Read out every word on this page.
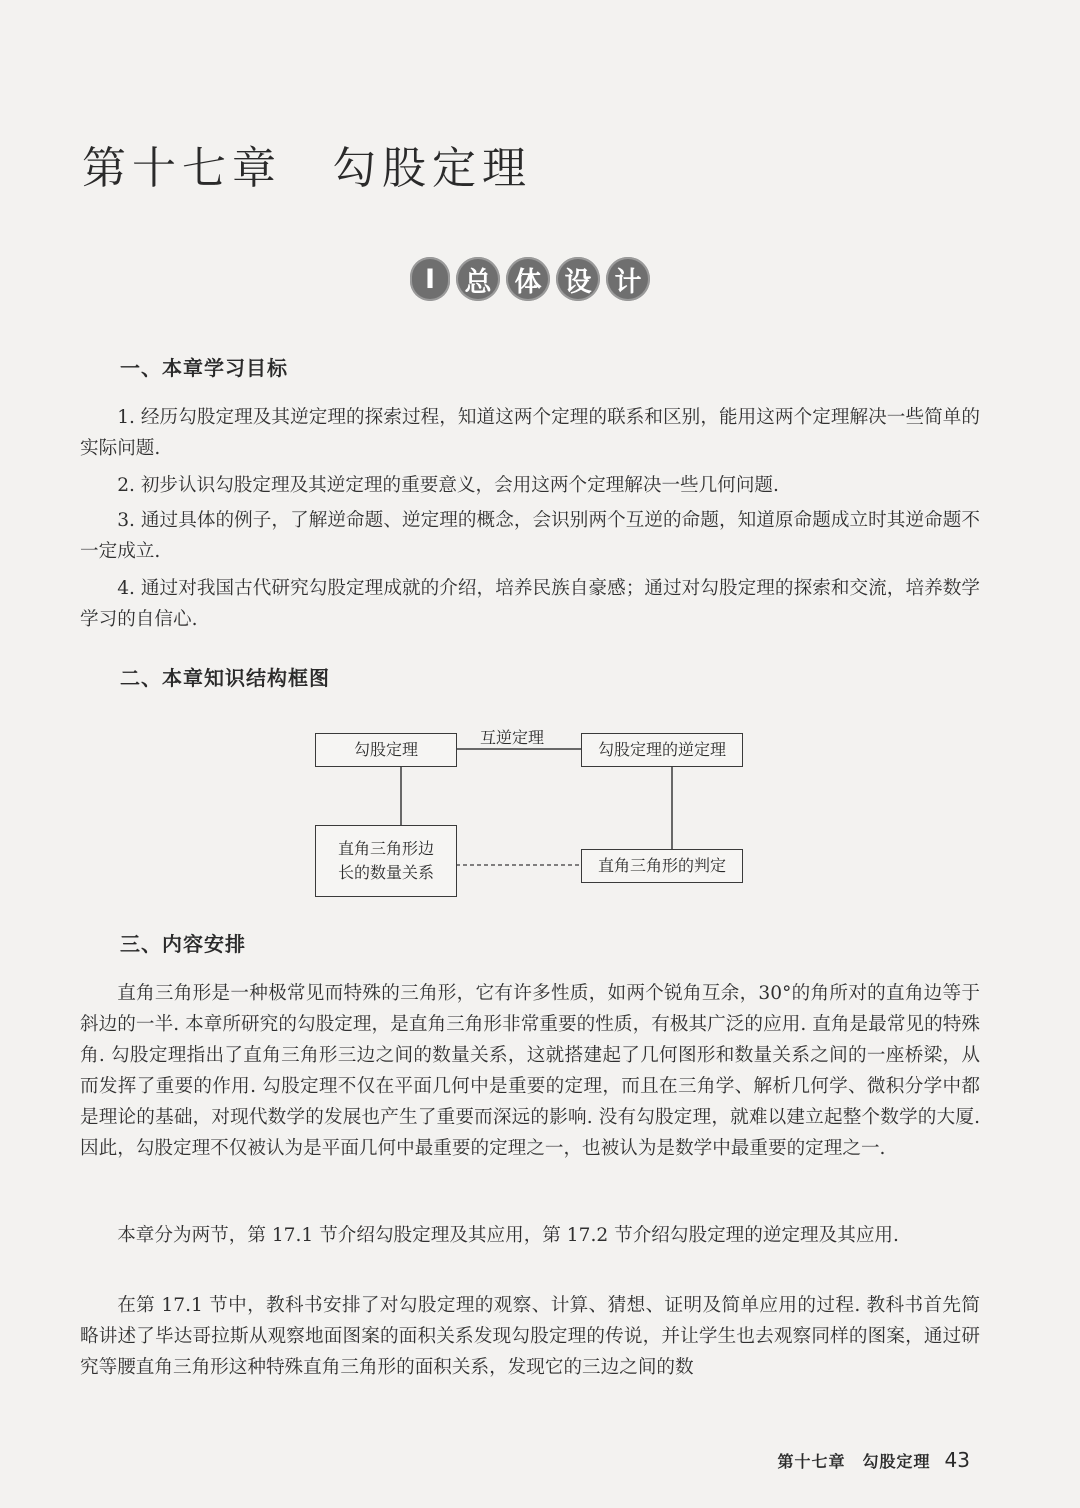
第十七章　勾股定理
I	总 体 设 计
一、本章学习目标
1. 经历勾股定理及其逆定理的探索过程，知道这两个定理的联系和区别，能用这两个定理解决一些简单的实际问题.
2. 初步认识勾股定理及其逆定理的重要意义，会用这两个定理解决一些几何问题.
3. 通过具体的例子，了解逆命题、逆定理的概念，会识别两个互逆的命题，知道原命题成立时其逆命题不一定成立.
4. 通过对我国古代研究勾股定理成就的介绍，培养民族自豪感；通过对勾股定理的探索和交流，培养数学学习的自信心.
二、本章知识结构框图
勾股定理	勾股定理的逆定理
直角三角形边
长的数量关系	直角三角形的判定
互逆定理
三、内容安排
直角三角形是一种极常见而特殊的三角形，它有许多性质，如两个锐角互余，30°的角所对的直角边等于斜边的一半. 本章所研究的勾股定理，是直角三角形非常重要的性质，有极其广泛的应用. 直角是最常见的特殊角. 勾股定理指出了直角三角形三边之间的数量关系，这就搭建起了几何图形和数量关系之间的一座桥梁，从而发挥了重要的作用. 勾股定理不仅在平面几何中是重要的定理，而且在三角学、解析几何学、微积分学中都是理论的基础，对现代数学的发展也产生了重要而深远的影响. 没有勾股定理，就难以建立起整个数学的大厦. 因此，勾股定理不仅被认为是平面几何中最重要的定理之一，也被认为是数学中最重要的定理之一.
本章分为两节，第 17.1 节介绍勾股定理及其应用，第 17.2 节介绍勾股定理的逆定理及其应用.
在第 17.1 节中，教科书安排了对勾股定理的观察、计算、猜想、证明及简单应用的过程. 教科书首先简略讲述了毕达哥拉斯从观察地面图案的面积关系发现勾股定理的传说，并让学生也去观察同样的图案，通过研究等腰直角三角形这种特殊直角三角形的面积关系，发现它的三边之间的数
第十七章　勾股定理 43
